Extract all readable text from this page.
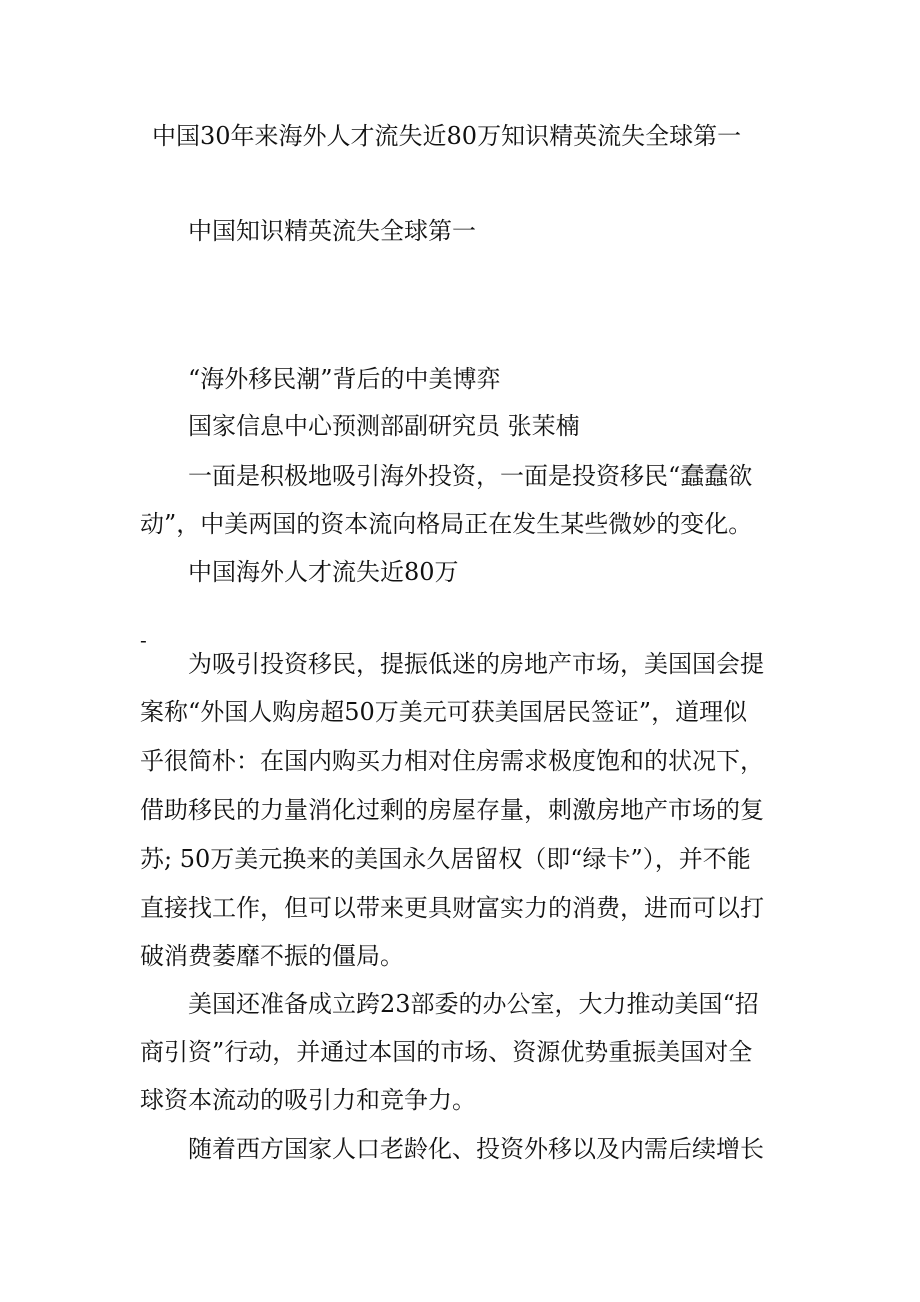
中国30年来海外人才流失近80万知识精英流失全球第一

中国知识精英流失全球第一

“海外移民潮”背后的中美博弈

国家信息中心预测部副研究员 张茉楠

一面是积极地吸引海外投资，一面是投资移民“蠢蠢欲

动”，中美两国的资本流向格局正在发生某些微妙的变化。

中国海外人才流失近80万

-

为吸引投资移民，提振低迷的房地产市场，美国国会提

案称“外国人购房超50万美元可获美国居民签证”，道理似

乎很简朴：在国内购买力相对住房需求极度饱和的状况下，

借助移民的力量消化过剩的房屋存量，刺激房地产市场的复

苏; 50万美元换来的美国永久居留权（即“绿卡”），并不能

直接找工作，但可以带来更具财富实力的消费，进而可以打

破消费萎靡不振的僵局。

美国还准备成立跨23部委的办公室，大力推动美国“招

商引资”行动，并通过本国的市场、资源优势重振美国对全

球资本流动的吸引力和竞争力。

随着西方国家人口老龄化、投资外移以及内需后续增长
